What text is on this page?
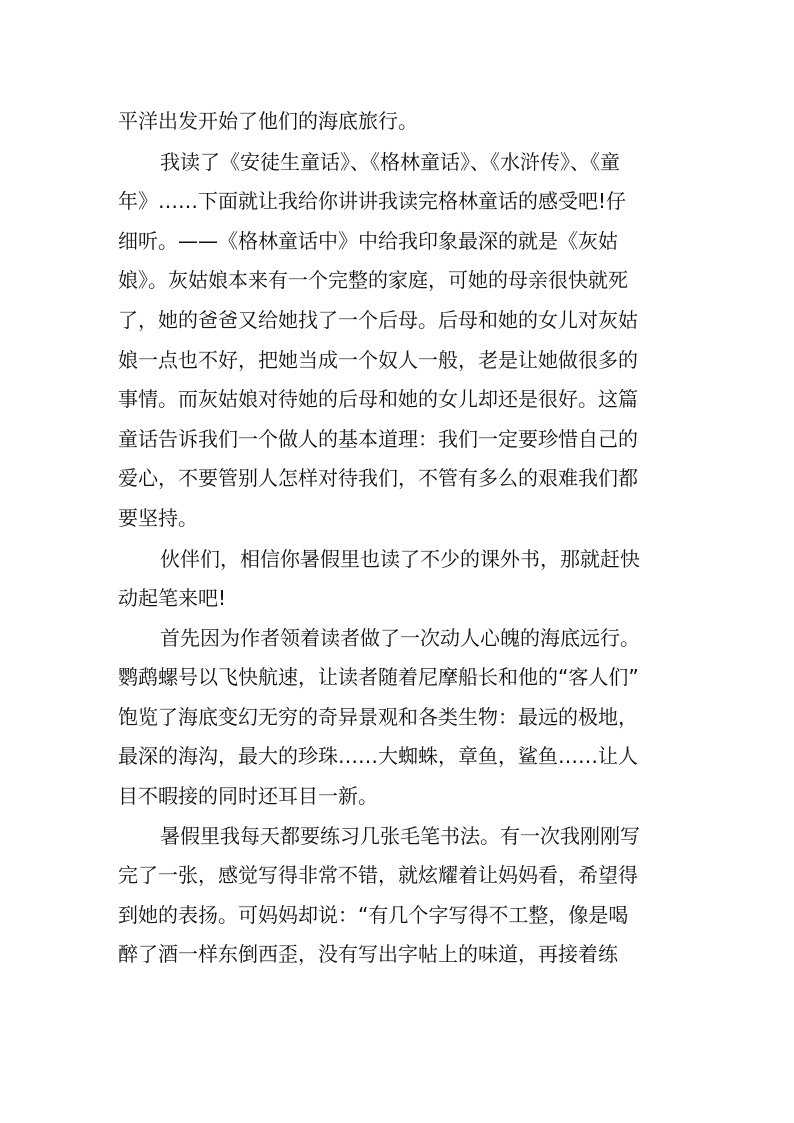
平洋出发开始了他们的海底旅行。
我读了《安徒生童话》、《格林童话》、《水浒传》、《童
年》……下面就让我给你讲讲我读完格林童话的感受吧!仔
细听。——《格林童话中》中给我印象最深的就是《灰姑
娘》。灰姑娘本来有一个完整的家庭，可她的母亲很快就死
了，她的爸爸又给她找了一个后母。后母和她的女儿对灰姑
娘一点也不好，把她当成一个奴人一般，老是让她做很多的
事情。而灰姑娘对待她的后母和她的女儿却还是很好。这篇
童话告诉我们一个做人的基本道理：我们一定要珍惜自己的
爱心，不要管别人怎样对待我们，不管有多么的艰难我们都
要坚持。
伙伴们，相信你暑假里也读了不少的课外书，那就赶快
动起笔来吧!
首先因为作者领着读者做了一次动人心魄的海底远行。
鹦鹉螺号以飞快航速，让读者随着尼摩船长和他的“客人们”
饱览了海底变幻无穷的奇异景观和各类生物：最远的极地，
最深的海沟，最大的珍珠……大蜘蛛，章鱼，鲨鱼……让人
目不暇接的同时还耳目一新。
暑假里我每天都要练习几张毛笔书法。有一次我刚刚写
完了一张，感觉写得非常不错，就炫耀着让妈妈看，希望得
到她的表扬。可妈妈却说：“有几个字写得不工整，像是喝
醉了酒一样东倒西歪，没有写出字帖上的味道，再接着练
